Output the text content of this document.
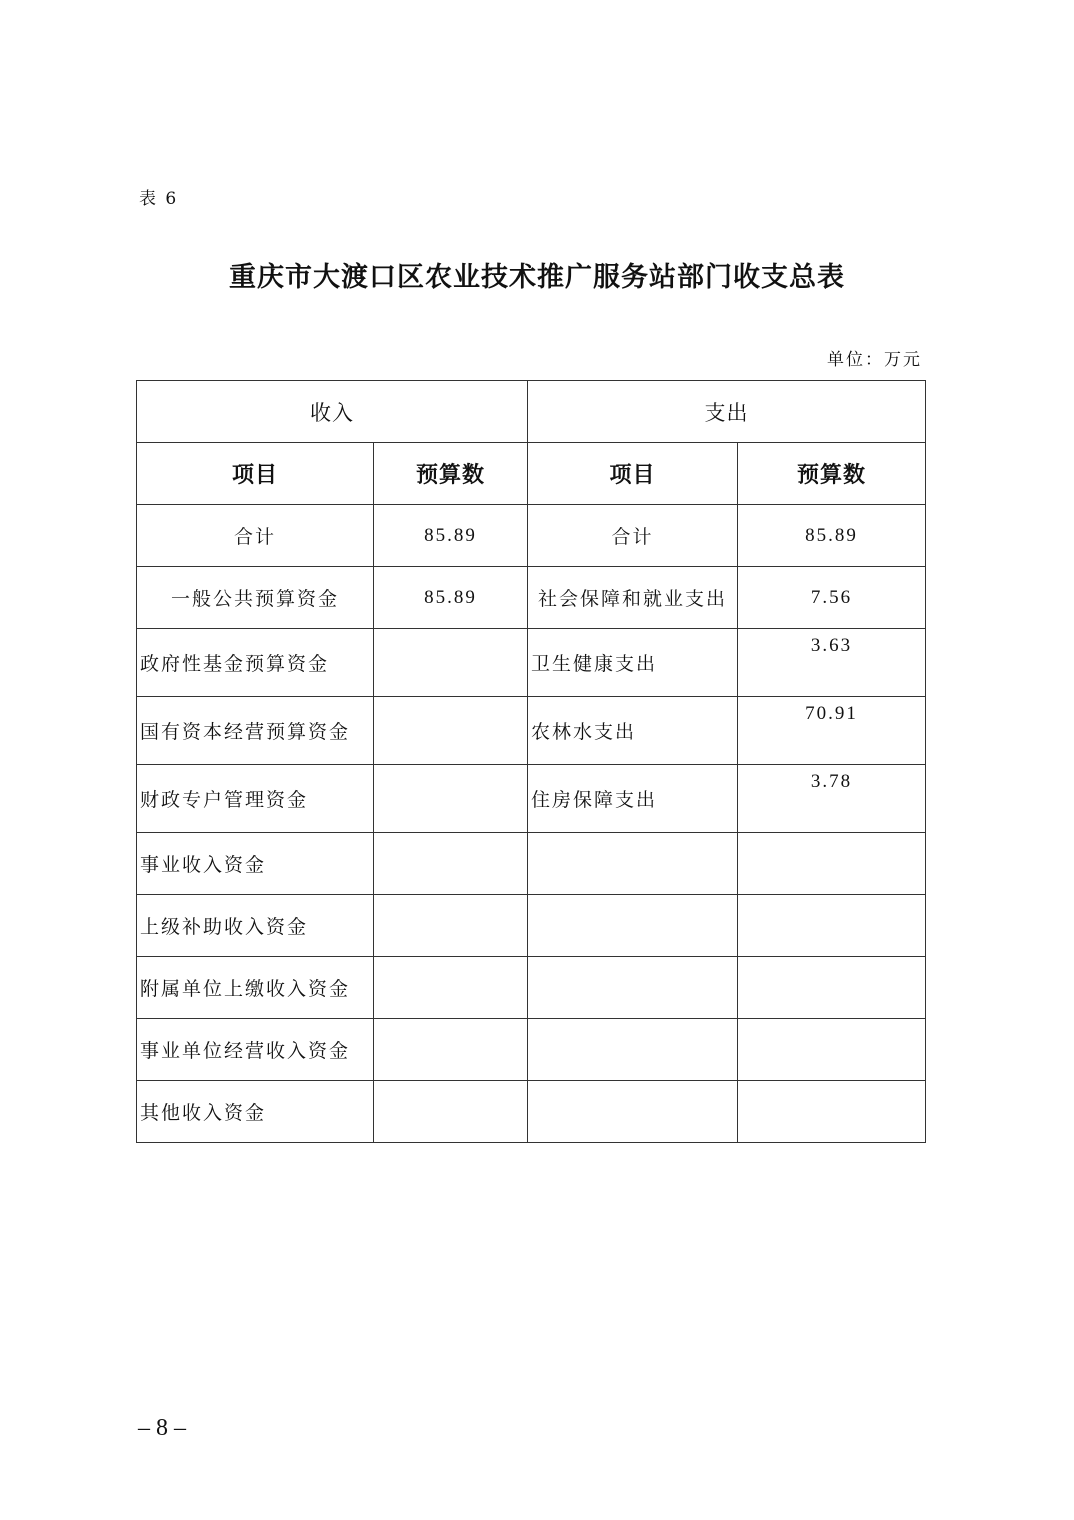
表 6
重庆市大渡口区农业技术推广服务站部门收支总表
单位：万元
收入		支出	
项目	预算数	项目	预算数
合计	85.89	合计	85.89
一般公共预算资金	85.89	社会保障和就业支出	7.56
政府性基金预算资金		卫生健康支出	3.63
国有资本经营预算资金		农林水支出	70.91
财政专户管理资金		住房保障支出	3.78
事业收入资金			
上级补助收入资金			
附属单位上缴收入资金			
事业单位经营收入资金			
其他收入资金			
– 8 –
